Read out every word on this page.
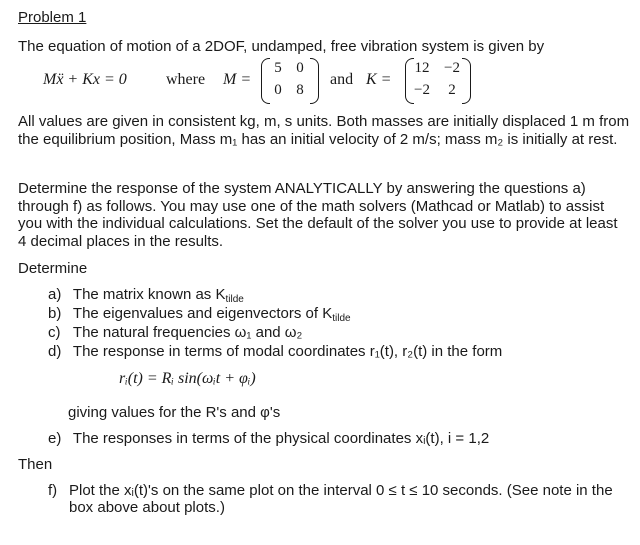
Problem 1
The equation of motion of a 2DOF, undamped, free vibration system is given by
Mẍ + Kx = 0 where M =
5 0
0 8
and K =
12 −2
−2	2
All values are given in consistent kg, m, s units. Both masses are initially displaced 1 m from the equilibrium position, Mass m₁ has an initial velocity of 2 m/s; mass m₂ is initially at rest.
Determine the response of the system ANALYTICALLY by answering the questions a) through f) as follows. You may use one of the math solvers (Mathcad or Matlab) to assist you with the individual calculations. Set the default of the solver you use to provide at least 4 decimal places in the results.
Determine
a) The matrix known as $K_{tilde}$
b) The eigenvalues and eigenvectors of $K_{tilde}$
c) The natural frequencies ω₁ and ω₂
d) The response in terms of modal coordinates r₁(t), r₂(t) in the form
rᵢ(t) = Rᵢ sin(ωᵢt + φᵢ)
giving values for the R's and φ's
e) The responses in terms of the physical coordinates xᵢ(t), i = 1,2
Then
f) Plot the xᵢ(t)'s on the same plot on the interval 0 ≤ t ≤ 10 seconds. (See note in the box above about plots.)
